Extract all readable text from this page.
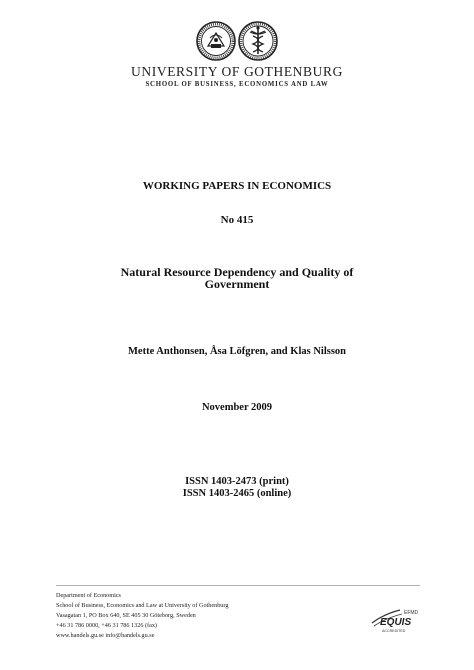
UNIVERSITY OF GOTHENBURG
SCHOOL OF BUSINESS, ECONOMICS AND LAW
WORKING PAPERS IN ECONOMICS
No 415
Natural Resource Dependency and Quality of
Government
Mette Anthonsen, Åsa Löfgren, and Klas Nilsson
November 2009
ISSN 1403-2473 (print)
ISSN 1403-2465 (online)
Department of Economics
School of Business, Economics and Law at University of Gothenburg
Vasagatan 1, PO Box 640, SE 405 30 Göteborg, Sweden
+46 31 786 0000, +46 31 786 1326 (fax)
www.handels.gu.se info@handels.gu.se
EFMD
EQUIS
ACCREDITED
